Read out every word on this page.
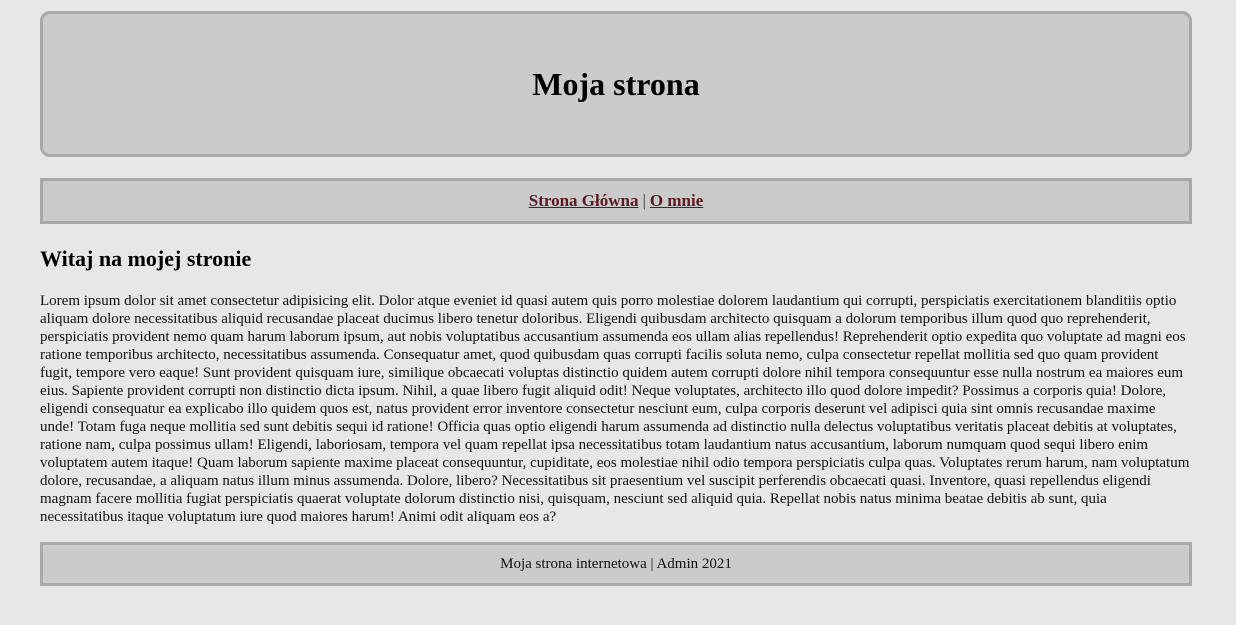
Moja strona
Strona Główna | O mnie
Witaj na mojej stronie

Lorem ipsum dolor sit amet consectetur adipisicing elit. Dolor atque eveniet id quasi autem quis porro molestiae dolorem laudantium qui corrupti, perspiciatis exercitationem blanditiis optio aliquam dolore necessitatibus aliquid recusandae placeat ducimus libero tenetur doloribus. Eligendi quibusdam architecto quisquam a dolorum temporibus illum quod quo reprehenderit, perspiciatis provident nemo quam harum laborum ipsum, aut nobis voluptatibus accusantium assumenda eos ullam alias repellendus! Reprehenderit optio expedita quo voluptate ad magni eos ratione temporibus architecto, necessitatibus assumenda. Consequatur amet, quod quibusdam quas corrupti facilis soluta nemo, culpa consectetur repellat mollitia sed quo quam provident fugit, tempore vero eaque! Sunt provident quisquam iure, similique obcaecati voluptas distinctio quidem autem corrupti dolore nihil tempora consequuntur esse nulla nostrum ea maiores eum eius. Sapiente provident corrupti non distinctio dicta ipsum. Nihil, a quae libero fugit aliquid odit! Neque voluptates, architecto illo quod dolore impedit? Possimus a corporis quia! Dolore, eligendi consequatur ea explicabo illo quidem quos est, natus provident error inventore consectetur nesciunt eum, culpa corporis deserunt vel adipisci quia sint omnis recusandae maxime unde! Totam fuga neque mollitia sed sunt debitis sequi id ratione! Officia quas optio eligendi harum assumenda ad distinctio nulla delectus voluptatibus veritatis placeat debitis at voluptates, ratione nam, culpa possimus ullam! Eligendi, laboriosam, tempora vel quam repellat ipsa necessitatibus totam laudantium natus accusantium, laborum numquam quod sequi libero enim voluptatem autem itaque! Quam laborum sapiente maxime placeat consequuntur, cupiditate, eos molestiae nihil odio tempora perspiciatis culpa quas. Voluptates rerum harum, nam voluptatum dolore, recusandae, a aliquam natus illum minus assumenda. Dolore, libero? Necessitatibus sit praesentium vel suscipit perferendis obcaecati quasi. Inventore, quasi repellendus eligendi magnam facere mollitia fugiat perspiciatis quaerat voluptate dolorum distinctio nisi, quisquam, nesciunt sed aliquid quia. Repellat nobis natus minima beatae debitis ab sunt, quia necessitatibus itaque voluptatum iure quod maiores harum! Animi odit aliquam eos a?

Moja strona internetowa | Admin 2021
